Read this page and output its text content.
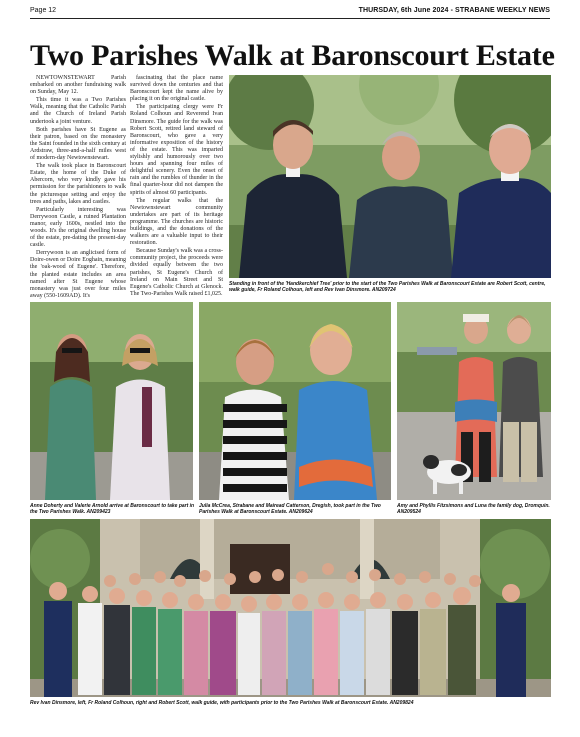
Page 12	THURSDAY, 6th June 2024 - STRABANE WEEKLY NEWS
Two Parishes Walk at Baronscourt Estate

NEWTOWNSTEWART Parish embarked on another fundraising walk on Sunday, May 12.

This time it was a Two Parishes Walk, meaning that the Catholic Parish and the Church of Ireland Parish undertook a joint venture.

Both parishes have St Eugene as their patron, based on the monastery the Saint founded in the sixth century at Ardstraw, three-and-a-half miles west of modern-day Newtownstewart.

The walk took place in Baronscourt Estate, the home of the Duke of Abercorn, who very kindly gave his permission for the parishioners to walk the picturesque setting and enjoy the trees and paths, lakes and castles.

Particularly interesting was Derrywoon Castle, a ruined Plantation manor, early 1600s, nestled into the woods. It's the original dwelling house of the estate, pre-dating the present-day castle.

Derrywoon is an anglicised form of Doire-owen or Doire Eoghain, meaning the 'oak-wood of Eugene'. Therefore, the planted estate includes an area named after St Eugene whose monastery was just over four miles away (550-1609AD). It's

fascinating that the place name survived down the centuries and that Baronscourt kept the name alive by placing it on the original castle.

The participating clergy were Fr Roland Colhoun and Reverend Ivan Dinsmore. The guide for the walk was Robert Scott, retired land steward of Baronscourt, who gave a very informative exposition of the history of the estate. This was imparted stylishly and humorously over two hours and spanning four miles of delightful scenery. Even the onset of rain and the rumbles of thunder in the final quarter-hour did not dampen the spirits of almost 60 participants.

The regular walks that the Newtownstewart community undertakes are part of its heritage programme. The churches are historic buildings, and the donations of the walkers are a valuable input to their restoration.

Because Sunday's walk was a cross-community project, the proceeds were divided equally between the two parishes, St Eugene's Church of Ireland on Main Street and St Eugene's Catholic Church at Glenock. The Two-Parishes Walk raised £1,025.

Standing in front of the 'Handkerchief Tree' prior to the start of the Two Parishes Walk at Baronscourt Estate are Robert Scott, centre, walk guide, Fr Roland Colhoun, left and Rev Ivan Dinsmore. AN209724
Anne Doherty and Valerie Arnold arrive at Baronscourt to take part in the Two Parishes Walk. AN209423
Julia McCrea, Strabane and Mairead Catterson, Dregish, took part in the Two Parishes Walk at Baronscourt Estate. AN209624
Amy and Phyllis Fitzsimons and Luna the family dog, Dromquin. AN209524
Rev Ivan Dinsmore, left, Fr Roland Colhoun, right and Robert Scott, walk guide, with participants prior to the Two Parishes Walk at Baronscourt Estate. AN209824
